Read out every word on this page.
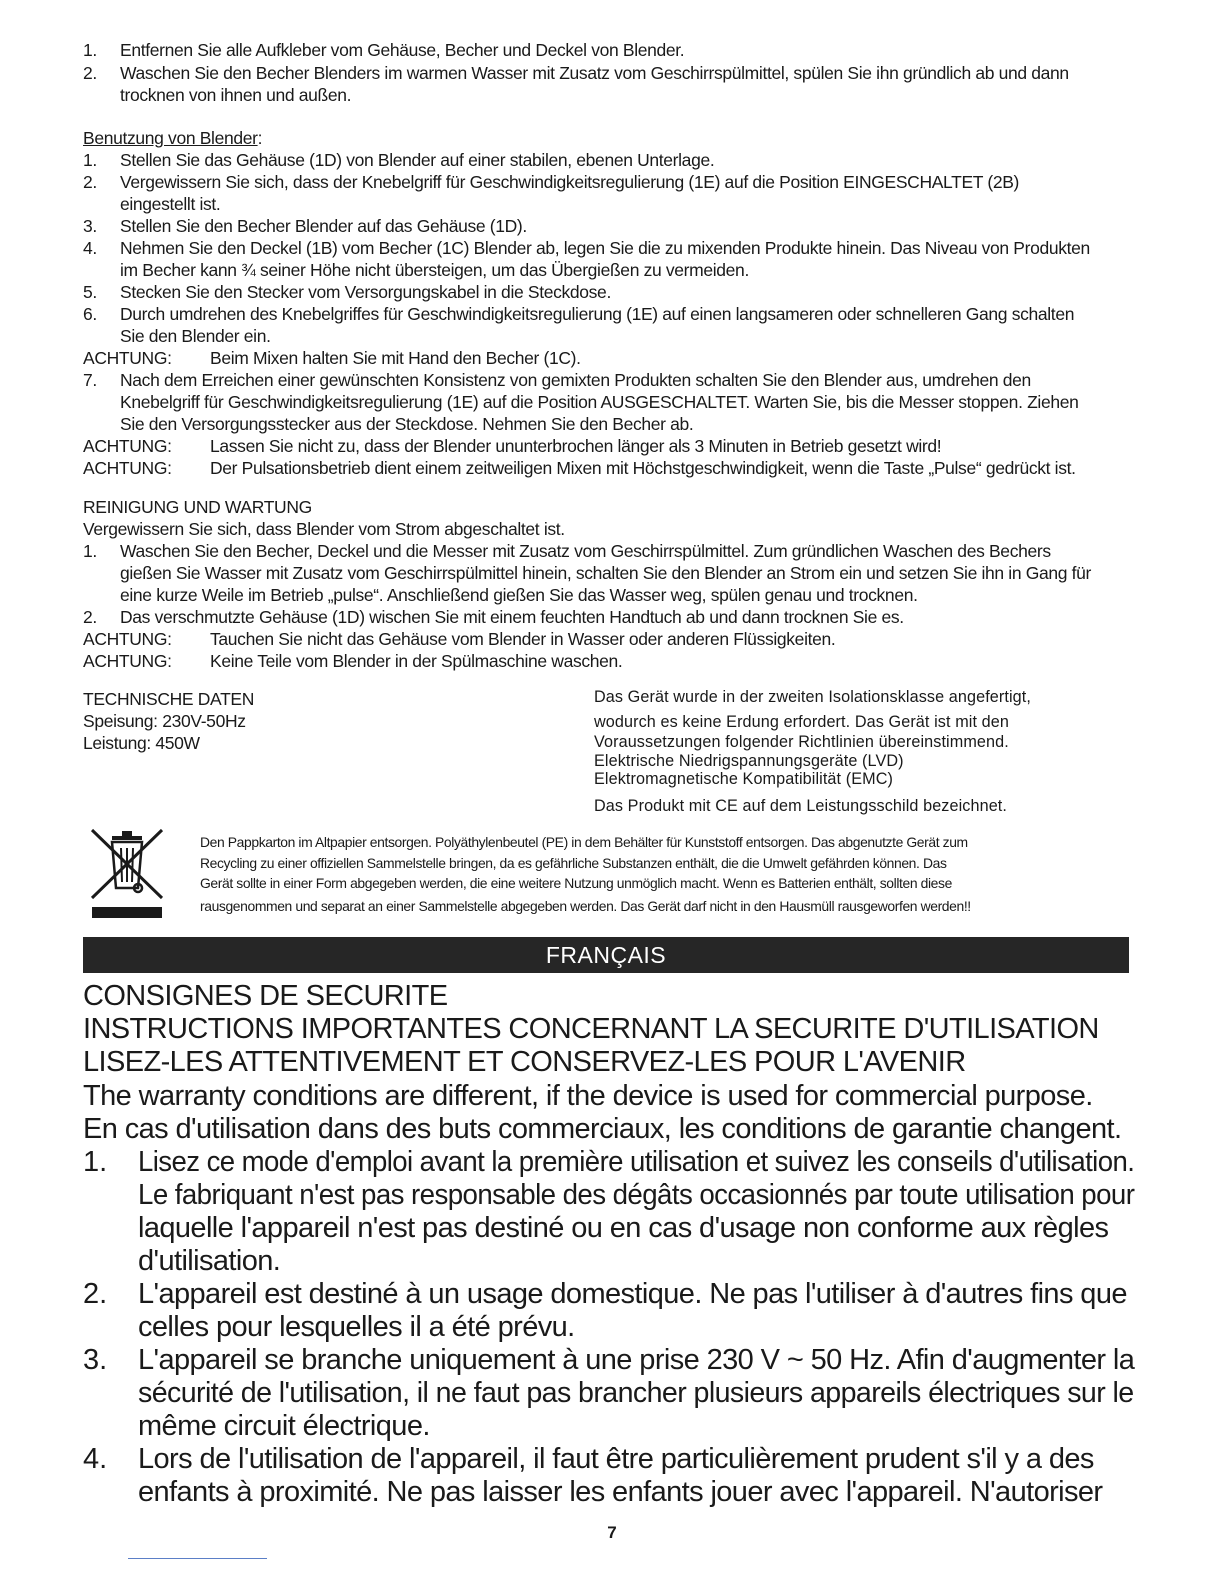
1.	Entfernen Sie alle Aufkleber vom Gehäuse, Becher und Deckel von Blender.
2.	Waschen Sie den Becher Blenders im warmen Wasser mit Zusatz vom Geschirrspülmittel, spülen Sie ihn gründlich ab und dann
trocknen von ihnen und außen.
Benutzung von Blender:
1.	Stellen Sie das Gehäuse (1D) von Blender auf einer stabilen, ebenen Unterlage.
2.	Vergewissern Sie sich, dass der Knebelgriff für Geschwindigkeitsregulierung (1E) auf die Position EINGESCHALTET (2B)
eingestellt ist.
3.	Stellen Sie den Becher Blender auf das Gehäuse (1D).
4.	Nehmen Sie den Deckel (1B) vom Becher (1C) Blender ab, legen Sie die zu mixenden Produkte hinein. Das Niveau von Produkten
im Becher kann ¾ seiner Höhe nicht übersteigen, um das Übergießen zu vermeiden.
5.	Stecken Sie den Stecker vom Versorgungskabel in die Steckdose.
6.	Durch umdrehen des Knebelgriffes für Geschwindigkeitsregulierung (1E) auf einen langsameren oder schnelleren Gang schalten
Sie den Blender ein.
ACHTUNG: Beim Mixen halten Sie mit Hand den Becher (1C).
7.	Nach dem Erreichen einer gewünschten Konsistenz von gemixten Produkten schalten Sie den Blender aus, umdrehen den
Knebelgriff für Geschwindigkeitsregulierung (1E) auf die Position AUSGESCHALTET. Warten Sie, bis die Messer stoppen. Ziehen
Sie den Versorgungsstecker aus der Steckdose. Nehmen Sie den Becher ab.
ACHTUNG: Lassen Sie nicht zu, dass der Blender ununterbrochen länger als 3 Minuten in Betrieb gesetzt wird!
ACHTUNG: Der Pulsationsbetrieb dient einem zeitweiligen Mixen mit Höchstgeschwindigkeit, wenn die Taste „Pulse“ gedrückt ist.
REINIGUNG UND WARTUNG
Vergewissern Sie sich, dass Blender vom Strom abgeschaltet ist.
1.	Waschen Sie den Becher, Deckel und die Messer mit Zusatz vom Geschirrspülmittel. Zum gründlichen Waschen des Bechers
gießen Sie Wasser mit Zusatz vom Geschirrspülmittel hinein, schalten Sie den Blender an Strom ein und setzen Sie ihn in Gang für
eine kurze Weile im Betrieb „pulse“. Anschließend gießen Sie das Wasser weg, spülen genau und trocknen.
2.	Das verschmutzte Gehäuse (1D) wischen Sie mit einem feuchten Handtuch ab und dann trocknen Sie es.
ACHTUNG: Tauchen Sie nicht das Gehäuse vom Blender in Wasser oder anderen Flüssigkeiten.
ACHTUNG: Keine Teile vom Blender in der Spülmaschine waschen.
TECHNISCHE DATEN
Speisung: 230V-50Hz
Leistung: 450W
Das Gerät wurde in der zweiten Isolationsklasse angefertigt,
wodurch es keine Erdung erfordert. Das Gerät ist mit den
Voraussetzungen folgender Richtlinien übereinstimmend.
Elektrische Niedrigspannungsgeräte (LVD)
Elektromagnetische Kompatibilität (EMC)
Das Produkt mit CE auf dem Leistungsschild bezeichnet.
Den Pappkarton im Altpapier entsorgen. Polyäthylenbeutel (PE) in dem Behälter für Kunststoff entsorgen. Das abgenutzte Gerät zum
Recycling zu einer offiziellen Sammelstelle bringen, da es gefährliche Substanzen enthält, die die Umwelt gefährden können. Das
Gerät sollte in einer Form abgegeben werden, die eine weitere Nutzung unmöglich macht. Wenn es Batterien enthält, sollten diese
rausgenommen und separat an einer Sammelstelle abgegeben werden. Das Gerät darf nicht in den Hausmüll rausgeworfen werden!!
FRANÇAIS
CONSIGNES DE SECURITE
INSTRUCTIONS IMPORTANTES CONCERNANT LA SECURITE D'UTILISATION
LISEZ-LES ATTENTIVEMENT ET CONSERVEZ-LES POUR L'AVENIR
The warranty conditions are different, if the device is used for commercial purpose.
En cas d'utilisation dans des buts commerciaux, les conditions de garantie changent.
1. Lisez ce mode d'emploi avant la première utilisation et suivez les conseils d'utilisation.
Le fabriquant n'est pas responsable des dégâts occasionnés par toute utilisation pour
laquelle l'appareil n'est pas destiné ou en cas d'usage non conforme aux règles
d'utilisation.
2. L'appareil est destiné à un usage domestique. Ne pas l'utiliser à d'autres fins que
celles pour lesquelles il a été prévu.
3. L'appareil se branche uniquement à une prise 230 V ~ 50 Hz. Afin d'augmenter la
sécurité de l'utilisation, il ne faut pas brancher plusieurs appareils électriques sur le
même circuit électrique.
4. Lors de l'utilisation de l'appareil, il faut être particulièrement prudent s'il y a des
enfants à proximité. Ne pas laisser les enfants jouer avec l'appareil. N'autoriser
7
